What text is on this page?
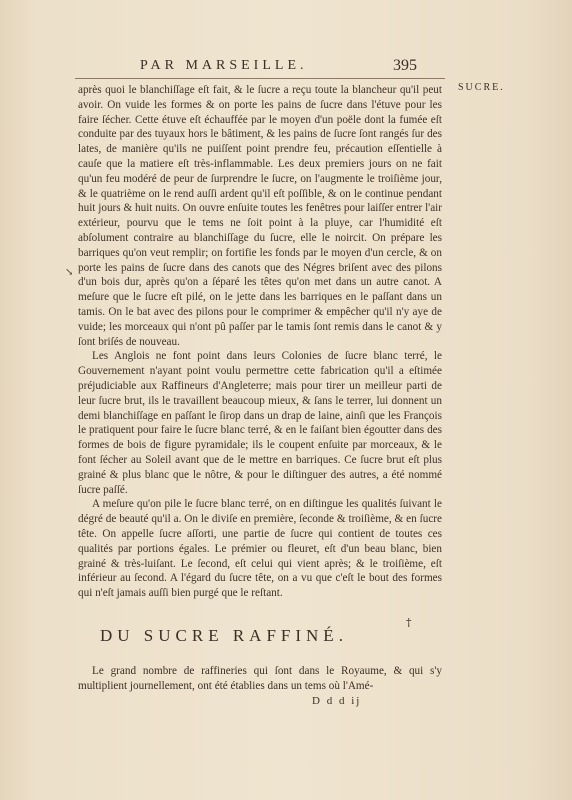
PAR MARSEILLE.	395
SUCRE.
↘

après quoi le blanchiſſage eſt fait, & le ſucre a reçu toute la blancheur qu'il peut avoir. On vuide les formes & on porte les pains de ſucre dans l'étuve pour les faire ſécher. Cette étuve eſt échauffée par le moyen d'un poële dont la fumée eſt conduite par des tuyaux hors le bâtiment, & les pains de ſucre ſont rangés ſur des lates, de manière qu'ils ne puiſſent point prendre feu, précaution eſſentielle à cauſe que la matiere eſt très-inflammable. Les deux premiers jours on ne fait qu'un feu modéré de peur de ſurprendre le ſucre, on l'augmente le troiſième jour, & le quatrième on le rend auſſi ardent qu'il eſt poſſible, & on le continue pendant huit jours & huit nuits. On ouvre enſuite toutes les fenêtres pour laiſſer entrer l'air extérieur, pourvu que le tems ne ſoit point à la pluye, car l'humidité eſt abſolument contraire au blanchiſſage du ſucre, elle le noircit. On prépare les barriques qu'on veut remplir; on fortifie les fonds par le moyen d'un cercle, & on porte les pains de ſucre dans des canots que des Négres briſent avec des pilons d'un bois dur, après qu'on a ſéparé les têtes qu'on met dans un autre canot. A meſure que le ſucre eſt pilé, on le jette dans les barriques en le paſſant dans un tamis. On le bat avec des pilons pour le comprimer & empêcher qu'il n'y aye de vuide; les morceaux qui n'ont pû paſſer par le tamis ſont remis dans le canot & y ſont briſés de nouveau.

Les Anglois ne font point dans leurs Colonies de ſucre blanc terré, le Gouvernement n'ayant point voulu permettre cette fabrication qu'il a eſtimée préjudiciable aux Raffineurs d'Angleterre; mais pour tirer un meilleur parti de leur ſucre brut, ils le travaillent beaucoup mieux, & ſans le terrer, lui donnent un demi blanchiſſage en paſſant le ſirop dans un drap de laine, ainſi que les François le pratiquent pour faire le ſucre blanc terré, & en le faiſant bien égoutter dans des formes de bois de figure pyramidale; ils le coupent enſuite par morceaux, & le font ſécher au Soleil avant que de le mettre en barriques. Ce ſucre brut eſt plus grainé & plus blanc que le nôtre, & pour le diſtinguer des autres, a été nommé ſucre paſſé.

A meſure qu'on pile le ſucre blanc terré, on en diſtingue les qualités ſuivant le dégré de beauté qu'il a. On le diviſe en première, ſeconde & troiſième, & en ſucre tête. On appelle ſucre aſſorti, une partie de ſucre qui contient de toutes ces qualités par portions égales. Le prémier ou fleuret, eſt d'un beau blanc, bien grainé & très-luiſant. Le ſecond, eſt celui qui vient après; & le troiſième, eſt inférieur au ſecond. A l'égard du ſucre tête, on a vu que c'eſt le bout des formes qui n'eſt jamais auſſi bien purgé que le reſtant.

DU SUCRE RAFFINÉ.
†

Le grand nombre de raffineries qui ſont dans le Royaume, & qui s'y multiplient journellement, ont été établies dans un tems où l'Amé-

D d d ij
